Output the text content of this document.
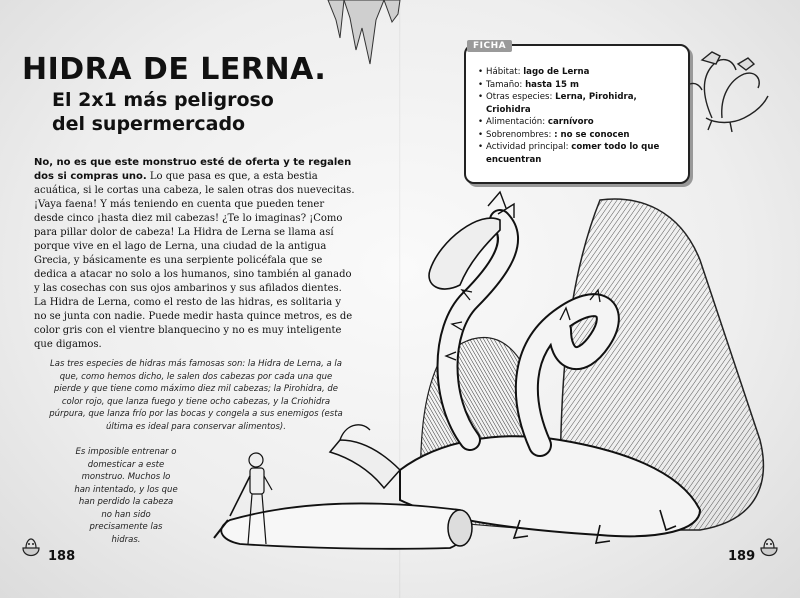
HIDRA DE LERNA.
El 2x1 más peligroso del supermercado
No, no es que este monstruo esté de oferta y te regalen dos si compras uno. Lo que pasa es que, a esta bestia acuática, si le cortas una cabeza, le salen otras dos nuevecitas. ¡Vaya faena! Y más teniendo en cuenta que pueden tener desde cinco ¡hasta diez mil cabezas! ¿Te lo imaginas? ¡Como para pillar dolor de cabeza! La Hidra de Lerna se llama así porque vive en el lago de Lerna, una ciudad de la antigua Grecia, y básicamente es una serpiente policéfala que se dedica a atacar no solo a los humanos, sino también al ganado y las cosechas con sus ojos ambarinos y sus afilados dientes. La Hidra de Lerna, como el resto de las hidras, es solitaria y no se junta con nadie. Puede medir hasta quince metros, es de color gris con el vientre blanquecino y no es muy inteligente que digamos.
Las tres especies de hidras más famosas son: la Hidra de Lerna, a la que, como hemos dicho, le salen dos cabezas por cada una que pierde y que tiene como máximo diez mil cabezas; la Pirohidra, de color rojo, que lanza fuego y tiene ocho cabezas, y la Criohidra púrpura, que lanza frío por las bocas y congela a sus enemigos (esta última es ideal para conservar alimentos).
Es imposible entrenar o domesticar a este monstruo. Muchos lo han intentado, y los que han perdido la cabeza no han sido precisamente las hidras.
• Hábitat: lago de Lerna
• Tamaño: hasta 15 m
• Otras especies: Lerna, Pirohidra, Criohidra
• Alimentación: carnívoro
• Sobrenombres: : no se conocen
• Actividad principal: comer todo lo que encuentran
FICHA
188	189
